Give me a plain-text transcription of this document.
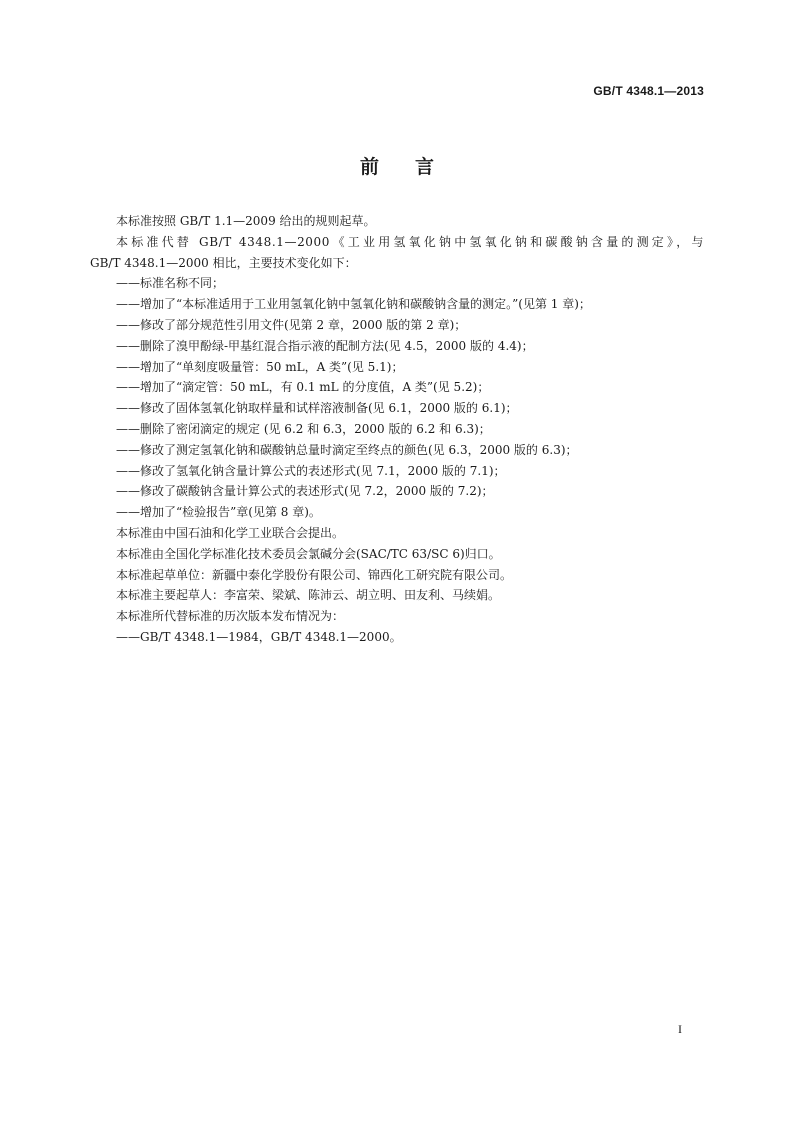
GB/T 4348.1—2013
前言
本标准按照 GB/T 1.1—2009 给出的规则起草。
本标准代替 GB/T 4348.1—2000《工业用氢氧化钠中氢氧化钠和碳酸钠含量的测定》，与
GB/T 4348.1—2000 相比，主要技术变化如下：
——标准名称不同；
——增加了“本标准适用于工业用氢氧化钠中氢氧化钠和碳酸钠含量的测定。”(见第 1 章)；
——修改了部分规范性引用文件(见第 2 章，2000 版的第 2 章)；
——删除了溴甲酚绿-甲基红混合指示液的配制方法(见 4.5，2000 版的 4.4)；
——增加了“单刻度吸量管：50 mL，A 类”(见 5.1)；
——增加了“滴定管：50 mL，有 0.1 mL 的分度值，A 类”(见 5.2)；
——修改了固体氢氧化钠取样量和试样溶液制备(见 6.1，2000 版的 6.1)；
——删除了密闭滴定的规定 (见 6.2 和 6.3，2000 版的 6.2 和 6.3)；
——修改了测定氢氧化钠和碳酸钠总量时滴定至终点的颜色(见 6.3，2000 版的 6.3)；
——修改了氢氧化钠含量计算公式的表述形式(见 7.1，2000 版的 7.1)；
——修改了碳酸钠含量计算公式的表述形式(见 7.2，2000 版的 7.2)；
——增加了“检验报告”章(见第 8 章)。
本标准由中国石油和化学工业联合会提出。
本标准由全国化学标准化技术委员会氯碱分会(SAC/TC 63/SC 6)归口。
本标准起草单位：新疆中泰化学股份有限公司、锦西化工研究院有限公司。
本标准主要起草人：李富荣、梁斌、陈沛云、胡立明、田友利、马续娟。
本标准所代替标准的历次版本发布情况为：
——GB/T 4348.1—1984，GB/T 4348.1—2000。
I
